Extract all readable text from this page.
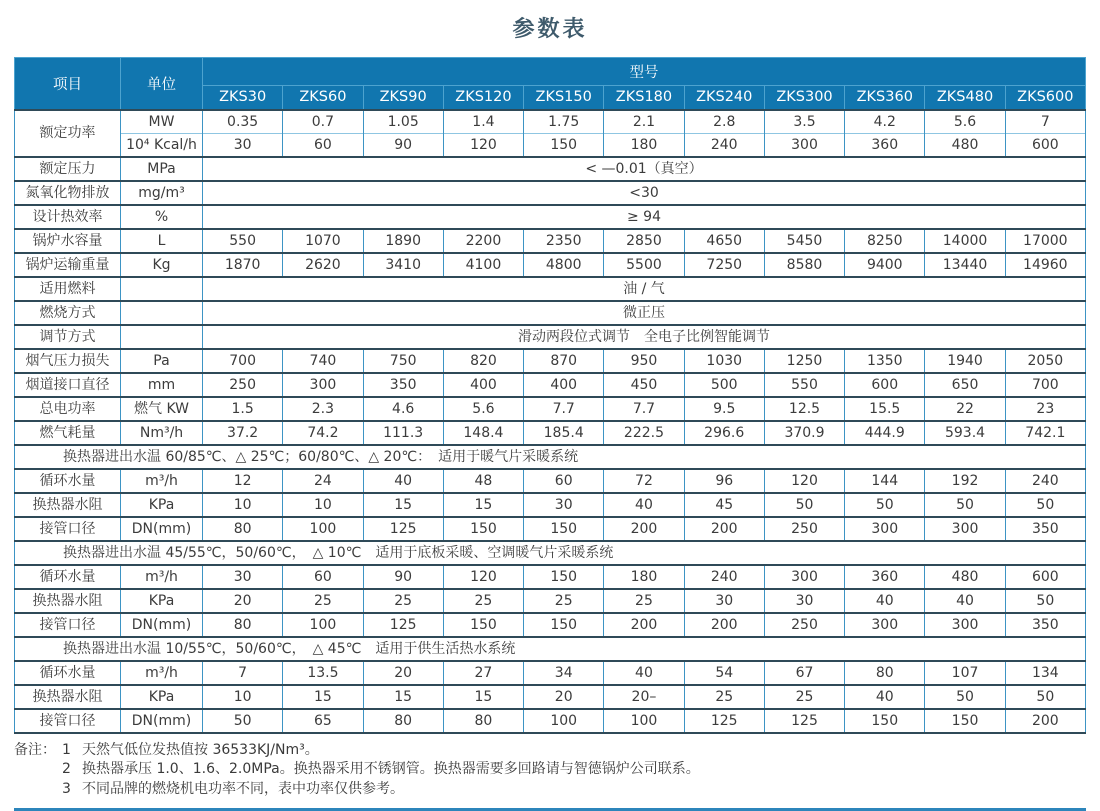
参数表
项目	单位	型号										
		ZKS30	ZKS60	ZKS90	ZKS120	ZKS150	ZKS180	ZKS240	ZKS300	ZKS360	ZKS480	ZKS600
额定功率	MW	0.35	0.7	1.05	1.4	1.75	2.1	2.8	3.5	4.2	5.6	7
	10⁴ Kcal/h	30	60	90	120	150	180	240	300	360	480	600
额定压力	MPa	< —0.01（真空）										
氮氧化物排放	mg/m³	<30										
设计热效率	%	≥ 94										
锅炉水容量	L	550	1070	1890	2200	2350	2850	4650	5450	8250	14000	17000
锅炉运输重量	Kg	1870	2620	3410	4100	4800	5500	7250	8580	9400	13440	14960
适用燃料		油 / 气										
燃烧方式		微正压										
调节方式		滑动两段位式调节　全电子比例智能调节										
烟气压力损失	Pa	700	740	750	820	870	950	1030	1250	1350	1940	2050
烟道接口直径	mm	250	300	350	400	400	450	500	550	600	650	700
总电功率	燃气 KW	1.5	2.3	4.6	5.6	7.7	7.7	9.5	12.5	15.5	22	23
燃气耗量	Nm³/h	37.2	74.2	111.3	148.4	185.4	222.5	296.6	370.9	444.9	593.4	742.1
换热器进出水温 60/85℃、△ 25℃；60/80℃、△ 20℃：　适用于暖气片采暖系统												
循环水量	m³/h	12	24	40	48	60	72	96	120	144	192	240
换热器水阻	KPa	10	10	15	15	30	40	45	50	50	50	50
接管口径	DN(mm)	80	100	125	150	150	200	200	250	300	300	350
换热器进出水温 45/55℃，50/60℃，　△ 10℃　适用于底板采暖、空调暖气片采暖系统												
循环水量	m³/h	30	60	90	120	150	180	240	300	360	480	600
换热器水阻	KPa	20	25	25	25	25	25	30	30	40	40	50
接管口径	DN(mm)	80	100	125	150	150	200	200	250	300	300	350
换热器进出水温 10/55℃，50/60℃，　△ 45℃　适用于供生活热水系统												
循环水量	m³/h	7	13.5	20	27	34	40	54	67	80	107	134
换热器水阻	KPa	10	15	15	15	20	20–	25	25	40	50	50
接管口径	DN(mm)	50	65	80	80	100	100	125	125	150	150	200
备注： 1 天然气低位发热值按 36533KJ/Nm³。
2 换热器承压 1.0、1.6、2.0MPa。换热器采用不锈钢管。换热器需要多回路请与智德锅炉公司联系。
3 不同品牌的燃烧机电功率不同，表中功率仅供参考。
